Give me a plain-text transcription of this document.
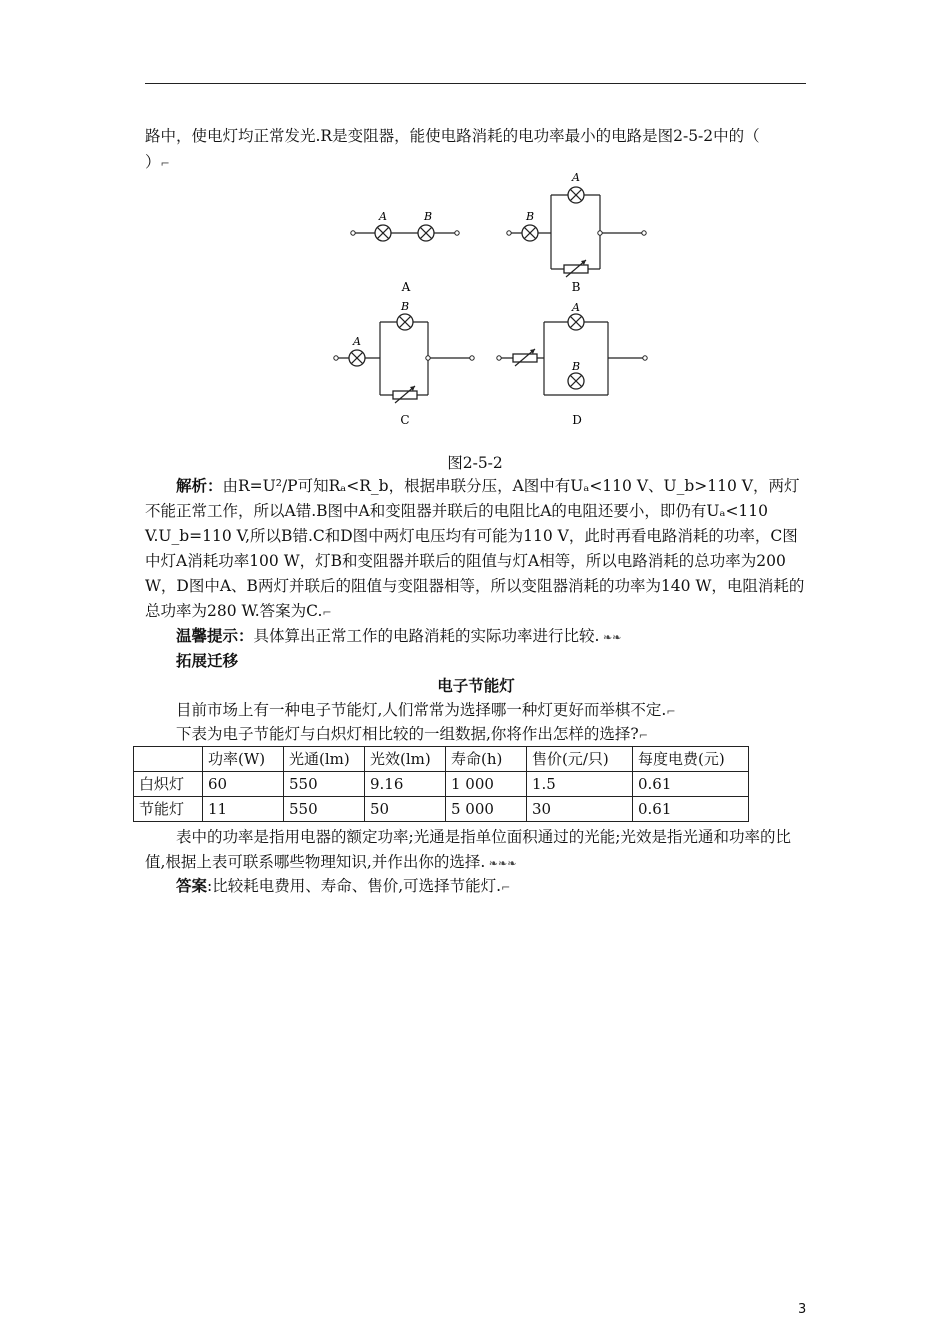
路中，使电灯均正常发光.R是变阻器，能使电路消耗的电功率最小的电路是图2-5-2中的（

）⌐

A	B
A
B
A
B
A
B
C
A
B
D
图2-5-2

解析：由R=U²/P可知Rₐ<R_b，根据串联分压，A图中有Uₐ<110 V、U_b>110 V，两灯不能正常工作，所以A错.B图中A和变阻器并联后的电阻比A的电阻还要小，即仍有Uₐ<110 V.U_b=110 V,所以B错.C和D图中两灯电压均有可能为110 V，此时再看电路消耗的功率，C图中灯A消耗功率100 W，灯B和变阻器并联后的阻值与灯A相等，所以电路消耗的总功率为200 W，D图中A、B两灯并联后的阻值与变阻器相等，所以变阻器消耗的功率为140 W，电阻消耗的总功率为280 W.答案为C.⌐

温馨提示：具体算出正常工作的电路消耗的实际功率进行比较. ❧❧

拓展迁移

电子节能灯

目前市场上有一种电子节能灯,人们常常为选择哪一种灯更好而举棋不定.⌐

下表为电子节能灯与白炽灯相比较的一组数据,你将作出怎样的选择?⌐

	功率(W)	光通(lm)	光效(lm)	寿命(h)	售价(元/只)	每度电费(元)
白炽灯	60	550	9.16	1 000	1.5	0.61
节能灯	11	550	50	5 000	30	0.61

表中的功率是指用电器的额定功率;光通是指单位面积通过的光能;光效是指光通和功率的比值,根据上表可联系哪些物理知识,并作出你的选择. ❧❧❧

答案:比较耗电费用、寿命、售价,可选择节能灯.⌐

3
